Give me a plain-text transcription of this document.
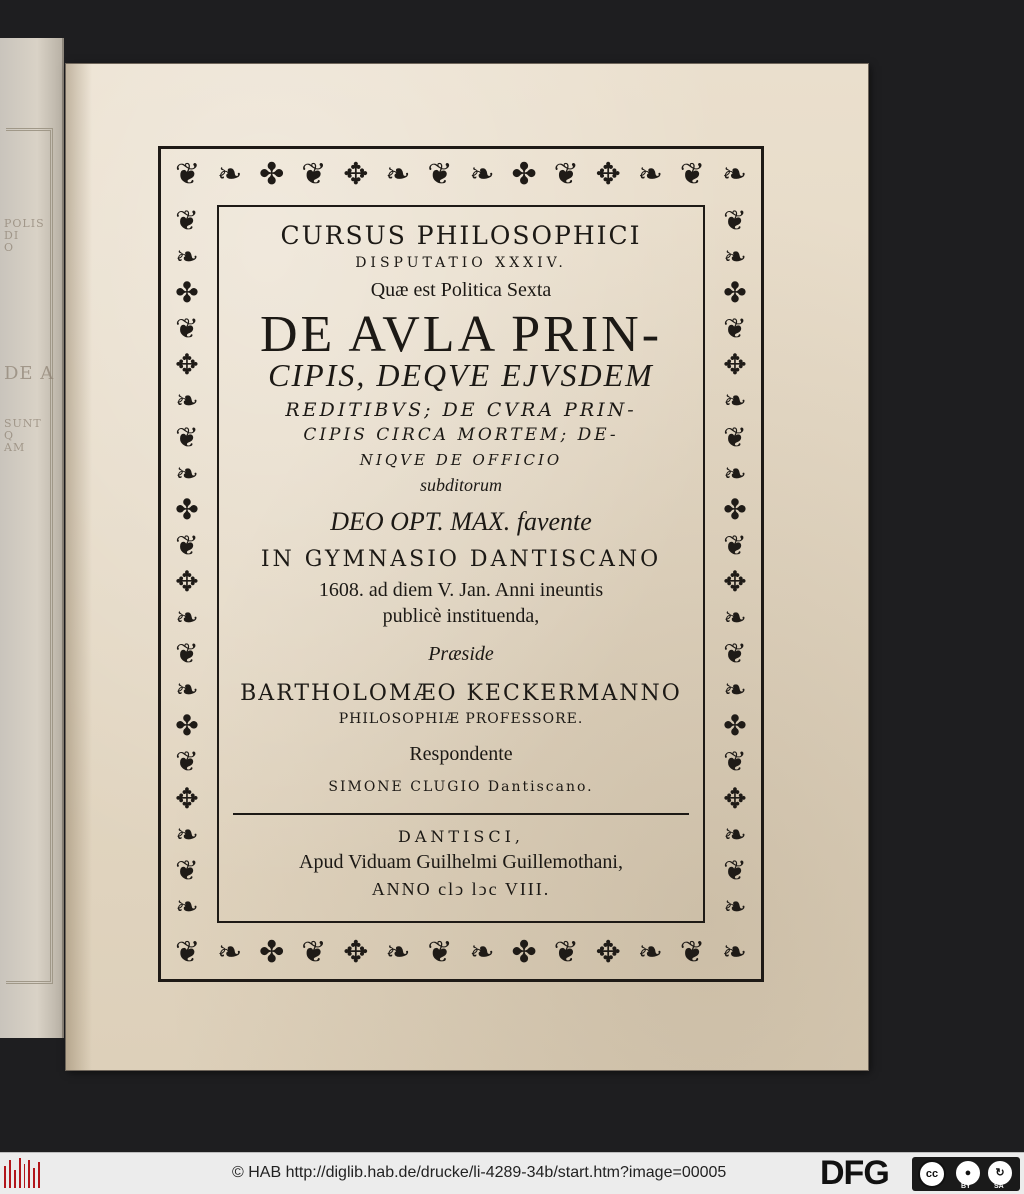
POLIS
DI
O
DE A
SUNT
Q
AM
❦ ❧ ✤ ❦ ✥ ❧ ❦ ❧ ✤ ❦ ✥ ❧ ❦ ❧
❦ ❧ ✤ ❦ ✥ ❧ ❦ ❧ ✤ ❦ ✥ ❧ ❦ ❧
❦
❧
✤
❦
✥
❧
❦
❧
✤
❦
✥
❧
❦
❧
✤
❦
✥
❧
❦
❧
❦
❧
✤
❦
✥
❧
❦
❧
✤
❦
✥
❧
❦
❧
✤
❦
✥
❧
❦
❧
CURSUS PHILOSOPHICI
DISPUTATIO XXXIV.
Quæ est Politica Sexta
DE AVLA PRIN-
CIPIS, DEQVE EJVSDEM
REDITIBVS; DE CVRA PRIN-
CIPIS CIRCA MORTEM; DE-
NIQVE DE OFFICIO
subditorum
DEO OPT. MAX. favente
IN GYMNASIO DANTISCANO
1608. ad diem V. Jan. Anni ineuntis
publicè instituenda,
Præside
BARTHOLOMÆO KECKERMANNO
PHILOSOPHIÆ PROFESSORE.
Respondente
SIMONE CLUGIO Dantiscano.
DANTISCI,
Apud Viduam Guilhelmi Guillemothani,
ANNO clↄ lↄc VIII.
© HAB http://diglib.hab.de/drucke/li-4289-34b/start.htm?image=00005	DFG	cc	●
BY
↻
SA
